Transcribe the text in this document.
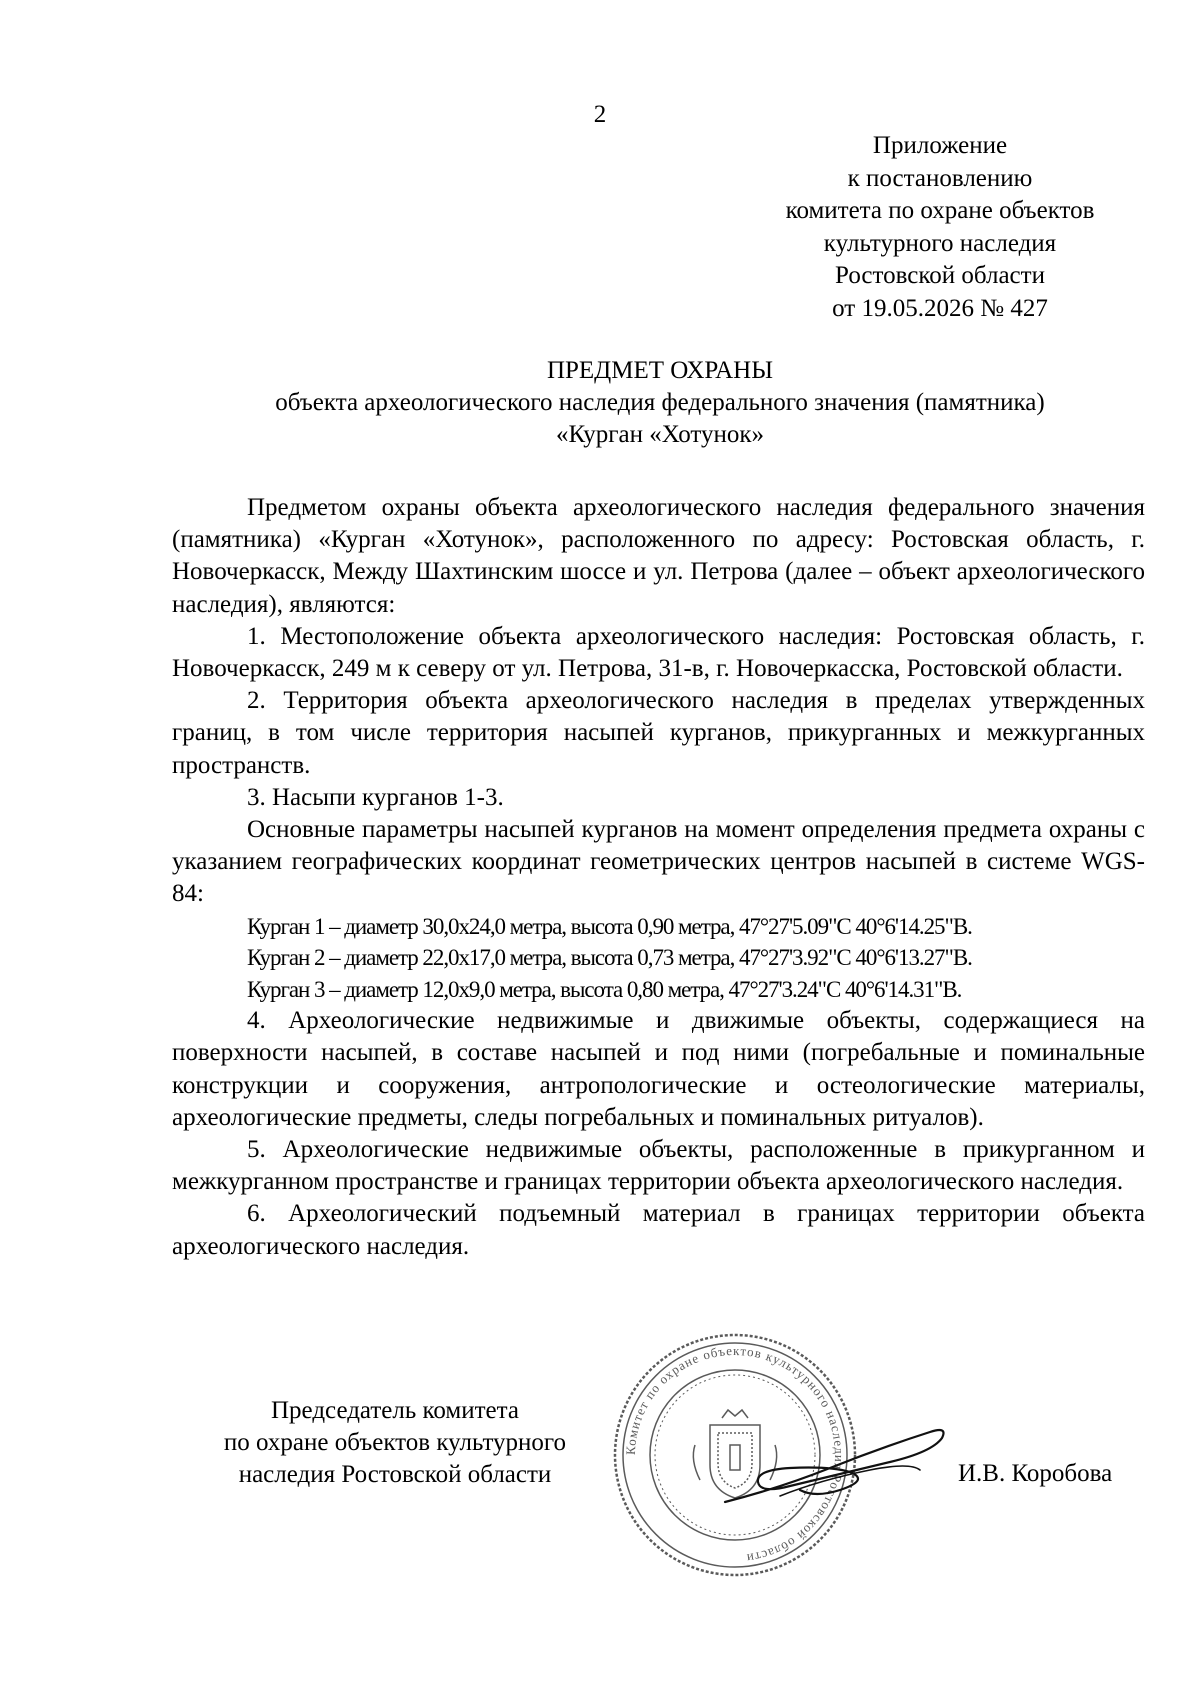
2
Приложение
к постановлению
комитета по охране объектов
культурного наследия
Ростовской области
от 19.05.2026 № 427
ПРЕДМЕТ ОХРАНЫ
объекта археологического наследия федерального значения (памятника)
«Курган «Хотунок»

Предметом охраны объекта археологического наследия федерального значения (памятника) «Курган «Хотунок», расположенного по адресу: Ростовская область, г. Новочеркасск, Между Шахтинским шоссе и ул. Петрова (далее – объект археологического наследия), являются:

1. Местоположение объекта археологического наследия: Ростовская область, г. Новочеркасск, 249 м к северу от ул. Петрова, 31-в, г. Новочеркасска, Ростовской области.

2. Территория объекта археологического наследия в пределах утвержденных границ, в том числе территория насыпей курганов, прикурганных и межкурганных пространств.

3. Насыпи курганов 1-3.

Основные параметры насыпей курганов на момент определения предмета охраны с указанием географических координат геометрических центров насыпей в системе WGS-84:

Курган 1 – диаметр 30,0x24,0 метра, высота 0,90 метра, 47°27'5.09"С 40°6'14.25"В.

Курган 2 – диаметр 22,0x17,0 метра, высота 0,73 метра, 47°27'3.92"С 40°6'13.27"В.

Курган 3 – диаметр 12,0x9,0 метра, высота 0,80 метра, 47°27'3.24"С 40°6'14.31"В.

4. Археологические недвижимые и движимые объекты, содержащиеся на поверхности насыпей, в составе насыпей и под ними (погребальные и поминальные конструкции и сооружения, антропологические и остеологические материалы, археологические предметы, следы погребальных и поминальных ритуалов).

5. Археологические недвижимые объекты, расположенные в прикурганном и межкурганном пространстве и границах территории объекта археологического наследия.

6. Археологический подъемный материал в границах территории объекта археологического наследия.

Председатель комитета
по охране объектов культурного
наследия Ростовской области
Комитет по охране объектов культурного наследия Ростовской области
И.В. Коробова
